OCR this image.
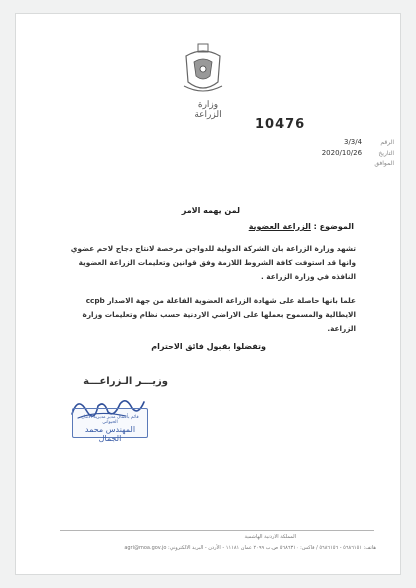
وزارة الزراعة
10476
الرقم 3/3/4
التاريخ 2020/10/26
الموافق
لمن يهمه الامر
الموضوع : الزراعة العضوية
تشهد وزارة الزراعة بان الشركة الدولية للدواجن مرخصة لانتاج دجاج لاحم عضوي وانها قد استوفت كافة الشروط اللازمة وفق قوانين وتعليمات الزراعة العضوية النافذه في وزارة الزراعة .
علما بانها حاصلة على شهادة الزراعة العضوية الفاعلة من جهة الاصدار ccpb الايطالية والمسموح بعملها على الاراضي الاردنية حسب نظام وتعليمات وزارة الزراعة.
وتفضلوا بقبول فائق الاحترام
وزيـــر الـزراعـــة
قائم بأعمال مدير مديرية الانتاج الحيواني
المهندس محمد الجمال
المملكة الاردنية الهاشمية
هاتف: ٥٦٨٦١٥١ - ٥٦٨٦١٥٦ / فاكس: ٥٦٨٦٣١٠ ص.ب ٢٠٩٩ عمان ١١١٨١ - الأردن - البريد الالكتروني: agri@moa.gov.jo
